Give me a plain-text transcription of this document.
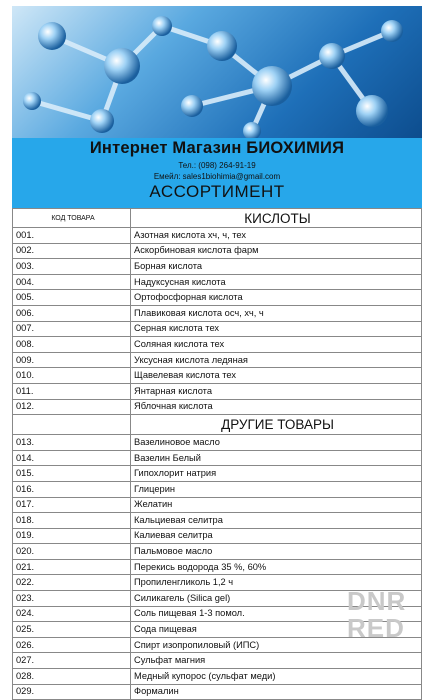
Интернет Магазин БИОХИМИЯ
Тел.: (098) 264-91-19
Емейл: sales1biohimia@gmail.com
АССОРТИМЕНТ
КОД ТОВАРА	КИСЛОТЫ
001.	Азотная кислота хч, ч, тех
002.	Аскорбиновая кислота фарм
003.	Борная кислота
004.	Надуксусная кислота
005.	Ортофосфорная кислота
006.	Плавиковая кислота осч, хч, ч
007.	Серная кислота тех
008.	Соляная кислота тех
009.	Уксусная кислота ледяная
010.	Щавелевая кислота тех
011.	Янтарная кислота
012.	Яблочная кислота
	ДРУГИЕ ТОВАРЫ
013.	Вазелиновое масло
014.	Вазелин Белый
015.	Гипохлорит натрия
016.	Глицерин
017.	Желатин
018.	Кальциевая селитра
019.	Калиевая селитра
020.	Пальмовое масло
021.	Перекись водорода 35 %, 60%
022.	Пропиленгликоль 1,2 ч
023.	Силикагель (Silica gel)
024.	Соль пищевая 1-3 помол.
025.	Сода пищевая
026.	Спирт изопропиловый (ИПС)
027.	Сульфат магния
028.	Медный купорос (сульфат меди)
029.	Формалин
DNR
RED
